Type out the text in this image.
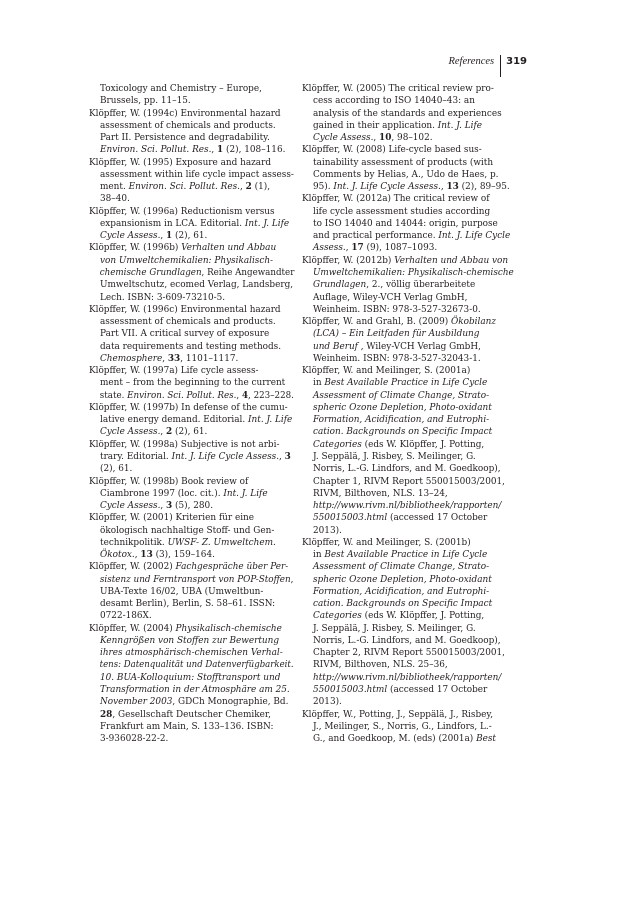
References 319
Toxicology and Chemistry – Europe,
Brussels, pp. 11–15.
Klöpffer, W. (1994c) Environmental hazard
assessment of chemicals and products.
Part II. Persistence and degradability.
Environ. Sci. Pollut. Res., 1 (2), 108–116.
Klöpffer, W. (1995) Exposure and hazard
assessment within life cycle impact assess-
ment. Environ. Sci. Pollut. Res., 2 (1),
38–40.
Klöpffer, W. (1996a) Reductionism versus
expansionism in LCA. Editorial. Int. J. Life
Cycle Assess., 1 (2), 61.
Klöpffer, W. (1996b) Verhalten und Abbau
von Umweltchemikalien: Physikalisch-
chemische Grundlagen, Reihe Angewandter
Umweltschutz, ecomed Verlag, Landsberg,
Lech. ISBN: 3-609-73210-5.
Klöpffer, W. (1996c) Environmental hazard
assessment of chemicals and products.
Part VII. A critical survey of exposure
data requirements and testing methods.
Chemosphere, 33, 1101–1117.
Klöpffer, W. (1997a) Life cycle assess-
ment – from the beginning to the current
state. Environ. Sci. Pollut. Res., 4, 223–228.
Klöpffer, W. (1997b) In defense of the cumu-
lative energy demand. Editorial. Int. J. Life
Cycle Assess., 2 (2), 61.
Klöpffer, W. (1998a) Subjective is not arbi-
trary. Editorial. Int. J. Life Cycle Assess., 3
(2), 61.
Klöpffer, W. (1998b) Book review of
Ciambrone 1997 (loc. cit.). Int. J. Life
Cycle Assess., 3 (5), 280.
Klöpffer, W. (2001) Kriterien für eine
ökologisch nachhaltige Stoff- und Gen-
technikpolitik. UWSF- Z. Umweltchem.
Ökotox., 13 (3), 159–164.
Klöpffer, W. (2002) Fachgespräche über Per-
sistenz und Ferntransport von POP-Stoffen,
UBA-Texte 16/02, UBA (Umweltbun-
desamt Berlin), Berlin, S. 58–61. ISSN:
0722-186X.
Klöpffer, W. (2004) Physikalisch-chemische
Kenngrößen von Stoffen zur Bewertung
ihres atmosphärisch-chemischen Verhal-
tens: Datenqualität und Datenverfügbarkeit.
10. BUA-Kolloquium: Stofftransport und
Transformation in der Atmosphäre am 25.
November 2003, GDCh Monographie, Bd.
28, Gesellschaft Deutscher Chemiker,
Frankfurt am Main, S. 133–136. ISBN:
3-936028-22-2.
Klöpffer, W. (2005) The critical review pro-
cess according to ISO 14040–43: an
analysis of the standards and experiences
gained in their application. Int. J. Life
Cycle Assess., 10, 98–102.
Klöpffer, W. (2008) Life-cycle based sus-
tainability assessment of products (with
Comments by Helias, A., Udo de Haes, p.
95). Int. J. Life Cycle Assess., 13 (2), 89–95.
Klöpffer, W. (2012a) The critical review of
life cycle assessment studies according
to ISO 14040 and 14044: origin, purpose
and practical performance. Int. J. Life Cycle
Assess., 17 (9), 1087–1093.
Klöpffer, W. (2012b) Verhalten und Abbau von
Umweltchemikalien: Physikalisch-chemische
Grundlagen, 2., völlig überarbeitete
Auflage, Wiley-VCH Verlag GmbH,
Weinheim. ISBN: 978-3-527-32673-0.
Klöpffer, W. and Grahl, B. (2009) Ökobilanz
(LCA) – Ein Leitfaden für Ausbildung
und Beruf , Wiley-VCH Verlag GmbH,
Weinheim. ISBN: 978-3-527-32043-1.
Klöpffer, W. and Meilinger, S. (2001a)
in Best Available Practice in Life Cycle
Assessment of Climate Change, Strato-
spheric Ozone Depletion, Photo-oxidant
Formation, Acidification, and Eutrophi-
cation. Backgrounds on Specific Impact
Categories (eds W. Klöpffer, J. Potting,
J. Seppälä, J. Risbey, S. Meilinger, G.
Norris, L.-G. Lindfors, and M. Goedkoop),
Chapter 1, RIVM Report 550015003/2001,
RIVM, Bilthoven, NLS. 13–24,
http://www.rivm.nl/bibliotheek/rapporten/
550015003.html (accessed 17 October
2013).
Klöpffer, W. and Meilinger, S. (2001b)
in Best Available Practice in Life Cycle
Assessment of Climate Change, Strato-
spheric Ozone Depletion, Photo-oxidant
Formation, Acidification, and Eutrophi-
cation. Backgrounds on Specific Impact
Categories (eds W. Klöpffer, J. Potting,
J. Seppälä, J. Risbey, S. Meilinger, G.
Norris, L.-G. Lindfors, and M. Goedkoop),
Chapter 2, RIVM Report 550015003/2001,
RIVM, Bilthoven, NLS. 25–36,
http://www.rivm.nl/bibliotheek/rapporten/
550015003.html (accessed 17 October
2013).
Klöpffer, W., Potting, J., Seppälä, J., Risbey,
J., Meilinger, S., Norris, G., Lindfors, L.-
G., and Goedkoop, M. (eds) (2001a) Best
